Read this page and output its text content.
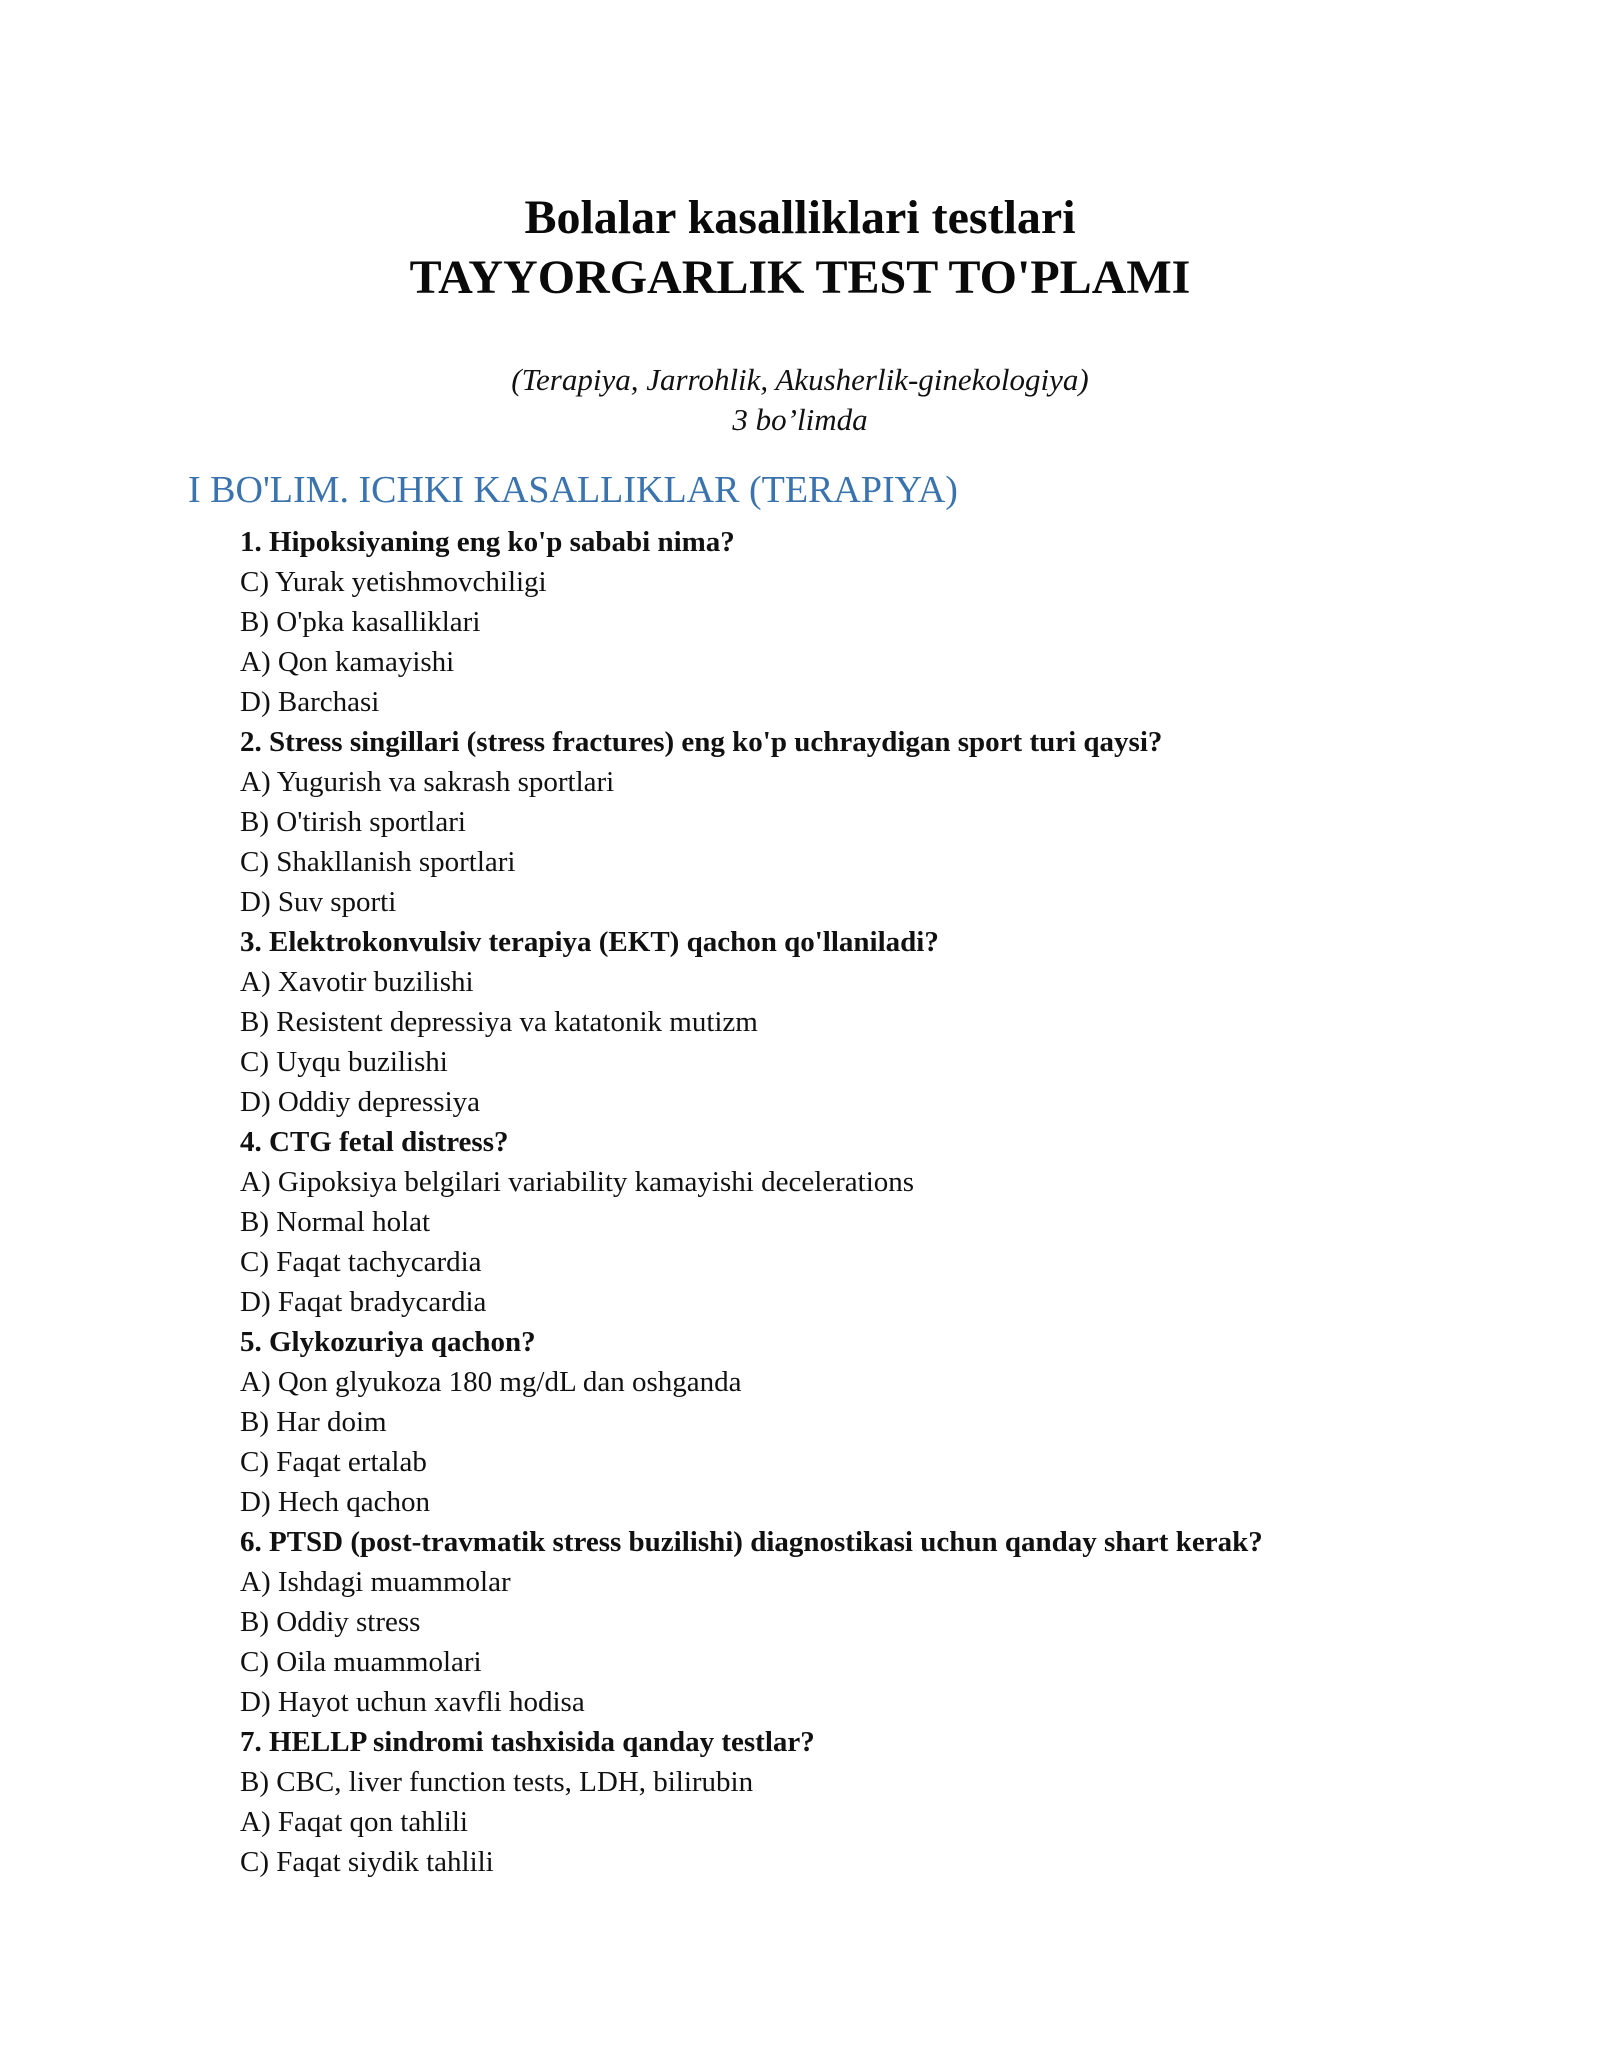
Bolalar kasalliklari testlari

TAYYORGARLIK TEST TO'PLAMI

(Terapiya, Jarrohlik, Akusherlik-ginekologiya)

3 bo’limda

I BO'LIM. ICHKI KASALLIKLAR (TERAPIYA)

1. Hipoksiyaning eng ko'p sababi nima?

C) Yurak yetishmovchiligi

B) O'pka kasalliklari

A) Qon kamayishi

D) Barchasi

2. Stress singillari (stress fractures) eng ko'p uchraydigan sport turi qaysi?

A) Yugurish va sakrash sportlari

B) O'tirish sportlari

C) Shakllanish sportlari

D) Suv sporti

3. Elektrokonvulsiv terapiya (EKT) qachon qo'llaniladi?

A) Xavotir buzilishi

B) Resistent depressiya va katatonik mutizm

C) Uyqu buzilishi

D) Oddiy depressiya

4. CTG fetal distress?

A) Gipoksiya belgilari variability kamayishi decelerations

B) Normal holat

C) Faqat tachycardia

D) Faqat bradycardia

5. Glykozuriya qachon?

A) Qon glyukoza 180 mg/dL dan oshganda

B) Har doim

C) Faqat ertalab

D) Hech qachon

6. PTSD (post-travmatik stress buzilishi) diagnostikasi uchun qanday shart kerak?

A) Ishdagi muammolar

B) Oddiy stress

C) Oila muammolari

D) Hayot uchun xavfli hodisa

7. HELLP sindromi tashxisida qanday testlar?

B) CBC, liver function tests, LDH, bilirubin

A) Faqat qon tahlili

C) Faqat siydik tahlili
